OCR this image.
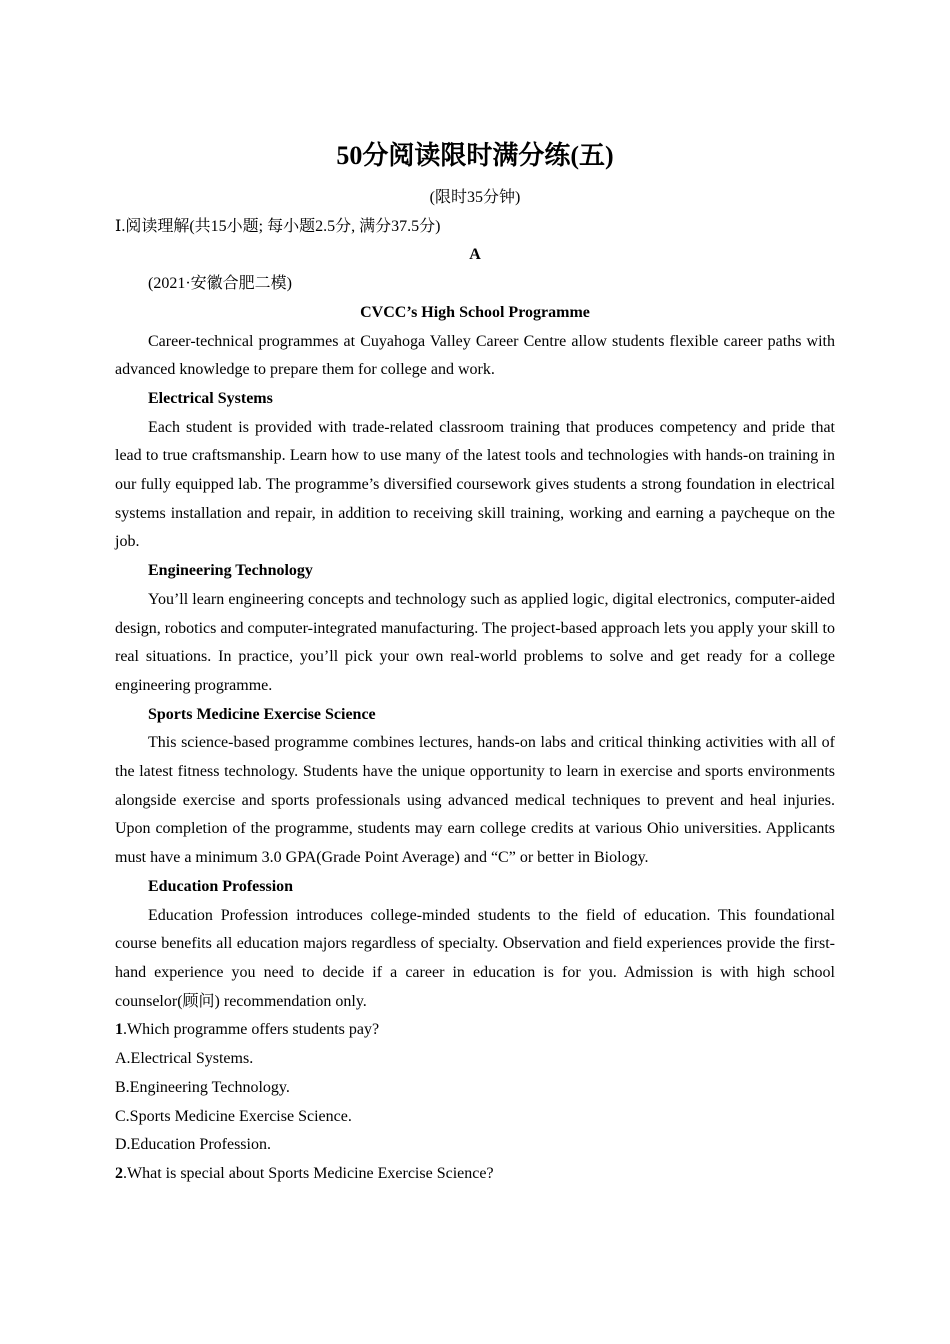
50分阅读限时满分练(五)

(限时35分钟)

Ⅰ.阅读理解(共15小题; 每小题2.5分, 满分37.5分)

A

(2021·安徽合肥二模)

CVCC’s High School Programme

Career-technical programmes at Cuyahoga Valley Career Centre allow students flexible career paths with advanced knowledge to prepare them for college and work.

Electrical Systems

Each student is provided with trade-related classroom training that produces competency and pride that lead to true craftsmanship. Learn how to use many of the latest tools and technologies with hands-on training in our fully equipped lab. The programme’s diversified coursework gives students a strong foundation in electrical systems installation and repair, in addition to receiving skill training, working and earning a paycheque on the job.

Engineering Technology

You’ll learn engineering concepts and technology such as applied logic, digital electronics, computer-aided design, robotics and computer-integrated manufacturing. The project-based approach lets you apply your skill to real situations. In practice, you’ll pick your own real-world problems to solve and get ready for a college engineering programme.

Sports Medicine Exercise Science

This science-based programme combines lectures, hands-on labs and critical thinking activities with all of the latest fitness technology. Students have the unique opportunity to learn in exercise and sports environments alongside exercise and sports professionals using advanced medical techniques to prevent and heal injuries. Upon completion of the programme, students may earn college credits at various Ohio universities. Applicants must have a minimum 3.0 GPA(Grade Point Average) and “C” or better in Biology.

Education Profession

Education Profession introduces college-minded students to the field of education. This foundational course benefits all education majors regardless of specialty. Observation and field experiences provide the first-hand experience you need to decide if a career in education is for you. Admission is with high school counselor(顾问) recommendation only.

1.Which programme offers students pay?

A.Electrical Systems.

B.Engineering Technology.

C.Sports Medicine Exercise Science.

D.Education Profession.

2.What is special about Sports Medicine Exercise Science?
